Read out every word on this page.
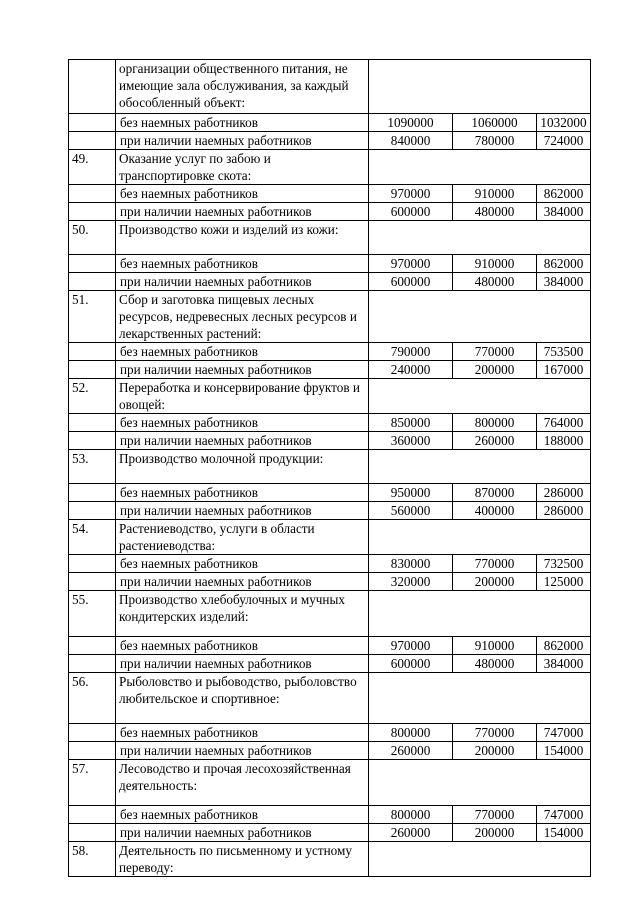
	организации общественного питания, не имеющие зала обслуживания, за каждый обособленный объект:			
	без наемных работников	1090000	1060000	1032000
	при наличии наемных работников	840000	780000	724000
49.	Оказание услуг по забою и транспортировке скота:			
	без наемных работников	970000	910000	862000
	при наличии наемных работников	600000	480000	384000
50.	Производство кожи и изделий из кожи:			
	без наемных работников	970000	910000	862000
	при наличии наемных работников	600000	480000	384000
51.	Сбор и заготовка пищевых лесных ресурсов, недревесных лесных ресурсов и лекарственных растений:			
	без наемных работников	790000	770000	753500
	при наличии наемных работников	240000	200000	167000
52.	Переработка и консервирование фруктов и овощей:			
	без наемных работников	850000	800000	764000
	при наличии наемных работников	360000	260000	188000
53.	Производство молочной продукции:			
	без наемных работников	950000	870000	286000
	при наличии наемных работников	560000	400000	286000
54.	Растениеводство, услуги в области растениеводства:			
	без наемных работников	830000	770000	732500
	при наличии наемных работников	320000	200000	125000
55.	Производство хлебобулочных и мучных кондитерских изделий:			
	без наемных работников	970000	910000	862000
	при наличии наемных работников	600000	480000	384000
56.	Рыболовство и рыбоводство, рыболовство любительское и спортивное:			
	без наемных работников	800000	770000	747000
	при наличии наемных работников	260000	200000	154000
57.	Лесоводство и прочая лесохозяйственная деятельность:			
	без наемных работников	800000	770000	747000
	при наличии наемных работников	260000	200000	154000
58.	Деятельность по письменному и устному переводу:			
